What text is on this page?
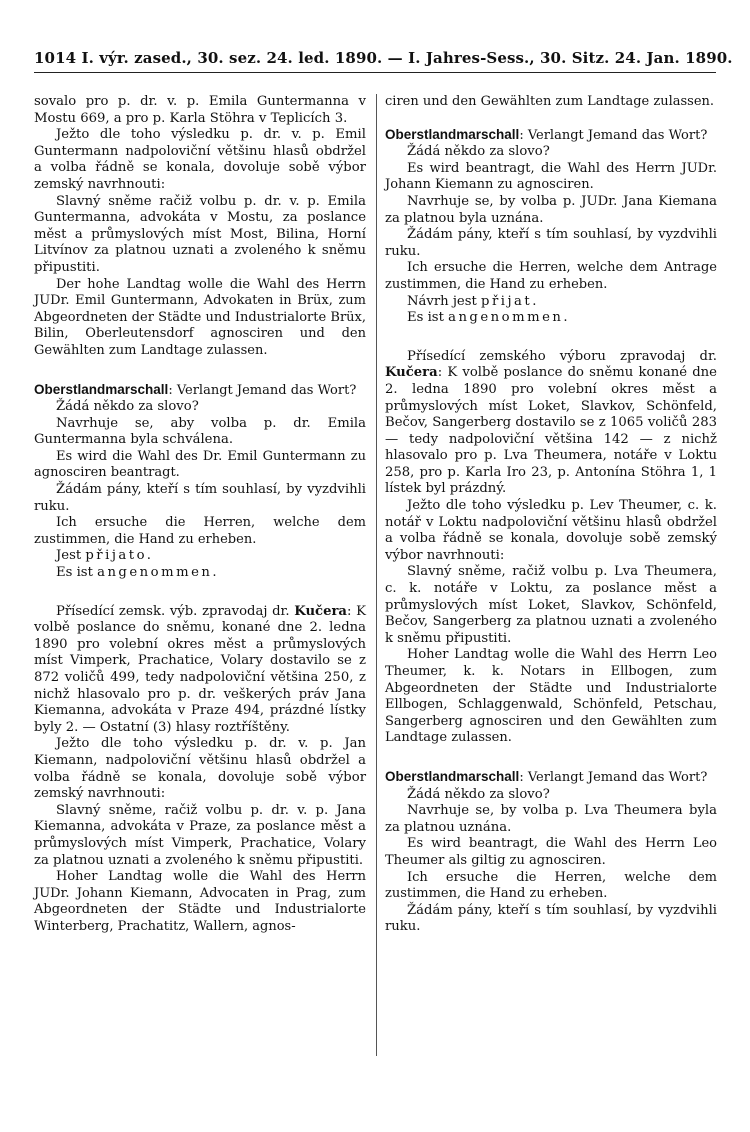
1014 I. výr. zased., 30. sez. 24. led. 1890. — I. Jahres-Sess., 30. Sitz. 24. Jan. 1890.

sovalo pro p. dr. v. p. Emila Guntermanna v Mostu 669, a pro p. Karla Stöhra v Teplicích 3.

Ježto dle toho výsledku p. dr. v. p. Emil Guntermann nadpoloviční většinu hlasů obdržel a volba řádně se konala, dovoluje sobě výbor zemský navrhnouti:

Slavný sněme račiž volbu p. dr. v. p. Emila Guntermanna, advokáta v Mostu, za poslance měst a průmyslových míst Most, Bilina, Horní Litvínov za platnou uznati a zvoleného k sněmu připustiti.

Der hohe Landtag wolle die Wahl des Herrn JUDr. Emil Guntermann, Advokaten in Brüx, zum Abgeordneten der Städte und Industrialorte Brüx, Bilin, Oberleutensdorf agnosciren und den Gewählten zum Landtage zulassen.

Oberstlandmarschall: Verlangt Jemand das Wort?

Žádá někdo za slovo?

Navrhuje se, aby volba p. dr. Emila Guntermanna byla schválena.

Es wird die Wahl des Dr. Emil Guntermann zu agnosciren beantragt.

Žádám pány, kteří s tím souhlasí, by vyzdvihli ruku.

Ich ersuche die Herren, welche dem zustimmen, die Hand zu erheben.

Jest přijato.

Es ist angenommen.

Přísedící zemsk. výb. zpravodaj dr. Kučera: K volbě poslance do sněmu, konané dne 2. ledna 1890 pro volební okres měst a průmyslových míst Vimperk, Prachatice, Volary dostavilo se z 872 voličů 499, tedy nadpoloviční většina 250, z nichž hlasovalo pro p. dr. veškerých práv Jana Kiemanna, advokáta v Praze 494, prázdné lístky byly 2. — Ostatní (3) hlasy roztříštěny.

Ježto dle toho výsledku p. dr. v. p. Jan Kiemann, nadpoloviční většinu hlasů obdržel a volba řádně se konala, dovoluje sobě výbor zemský navrhnouti:

Slavný sněme, račiž volbu p. dr. v. p. Jana Kiemanna, advokáta v Praze, za poslance měst a průmyslových míst Vimperk, Prachatice, Volary za platnou uznati a zvoleného k sněmu připustiti.

Hoher Landtag wolle die Wahl des Herrn JUDr. Johann Kiemann, Advocaten in Prag, zum Abgeordneten der Städte und Industrialorte Winterberg, Prachatitz, Wallern, agnos-

ciren und den Gewählten zum Landtage zulassen.

Oberstlandmarschall: Verlangt Jemand das Wort?

Žádá někdo za slovo?

Es wird beantragt, die Wahl des Herrn JUDr. Johann Kiemann zu agnosciren.

Navrhuje se, by volba p. JUDr. Jana Kiemana za platnou byla uznána.

Žádám pány, kteří s tím souhlasí, by vyzdvihli ruku.

Ich ersuche die Herren, welche dem Antrage zustimmen, die Hand zu erheben.

Návrh jest přijat.

Es ist angenommen.

Přísedící zemského výboru zpravodaj dr. Kučera: K volbě poslance do sněmu konané dne 2. ledna 1890 pro volební okres měst a průmyslových míst Loket, Slavkov, Schönfeld, Bečov, Sangerberg dostavilo se z 1065 voličů 283 — tedy nadpoloviční většina 142 — z nichž hlasovalo pro p. Lva Theumera, notáře v Loktu 258, pro p. Karla Iro 23, p. Antonína Stöhra 1, 1 lístek byl prázdný.

Ježto dle toho výsledku p. Lev Theumer, c. k. notář v Loktu nadpoloviční většinu hlasů obdržel a volba řádně se konala, dovoluje sobě zemský výbor navrhnouti:

Slavný sněme, račiž volbu p. Lva Theumera, c. k. notáře v Loktu, za poslance měst a průmyslových míst Loket, Slavkov, Schönfeld, Bečov, Sangerberg za platnou uznati a zvoleného k sněmu připustiti.

Hoher Landtag wolle die Wahl des Herrn Leo Theumer, k. k. Notars in Ellbogen, zum Abgeordneten der Städte und Industrialorte Ellbogen, Schlaggenwald, Schönfeld, Petschau, Sangerberg agnosciren und den Gewählten zum Landtage zulassen.

Oberstlandmarschall: Verlangt Jemand das Wort?

Žádá někdo za slovo?

Navrhuje se, by volba p. Lva Theumera byla za platnou uznána.

Es wird beantragt, die Wahl des Herrn Leo Theumer als giltig zu agnosciren.

Ich ersuche die Herren, welche dem zustimmen, die Hand zu erheben.

Žádám pány, kteří s tím souhlasí, by vyzdvihli ruku.
